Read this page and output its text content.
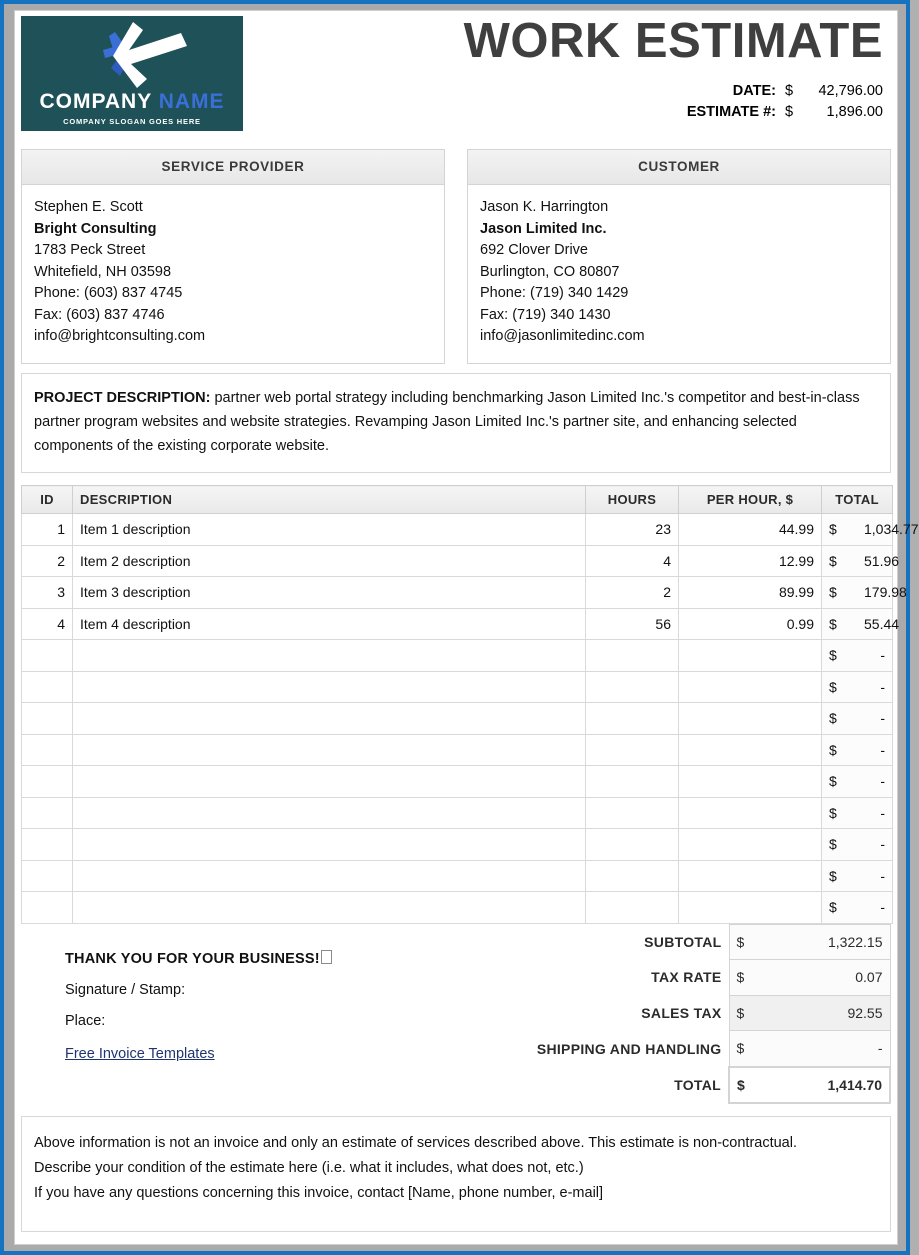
COMPANY NAME
COMPANY SLOGAN GOES HERE
WORK ESTIMATE
DATE: $	42,796.00
ESTIMATE #: $	1,896.00
SERVICE PROVIDER
Stephen E. Scott
Bright Consulting
1783 Peck Street
Whitefield, NH 03598
Phone: (603) 837 4745
Fax: (603) 837 4746
info@brightconsulting.com
CUSTOMER
Jason K. Harrington
Jason Limited Inc.
692 Clover Drive
Burlington, CO 80807
Phone: (719) 340 1429
Fax: (719) 340 1430
info@jasonlimitedinc.com
PROJECT DESCRIPTION: partner web portal strategy including benchmarking Jason Limited Inc.'s competitor and best-in-class partner program websites and website strategies. Revamping Jason Limited Inc.'s partner site, and enhancing selected components of the existing corporate website.
ID	DESCRIPTION	HOURS	PER HOUR, $	TOTAL	
1	Item 1 description	23	44.99	$	1,034.77
2	Item 2 description	4	12.99	$	51.96
3	Item 3 description	2	89.99	$	179.98
4	Item 4 description	56	0.99	$	55.44
				$	-
				$	-
				$	-
				$	-
				$	-
				$	-
				$	-
				$	-
				$	-
THANK YOU FOR YOUR BUSINESS!
Signature / Stamp:
Place:
Free Invoice Templates
SUBTOTAL	$	1,322.15
TAX RATE	$	0.07
SALES TAX	$	92.55
SHIPPING AND HANDLING	$	-
TOTAL	$	1,414.70
Above information is not an invoice and only an estimate of services described above. This estimate is non-contractual.
Describe your condition of the estimate here (i.e. what it includes, what does not, etc.)
If you have any questions concerning this invoice, contact [Name, phone number, e-mail]
